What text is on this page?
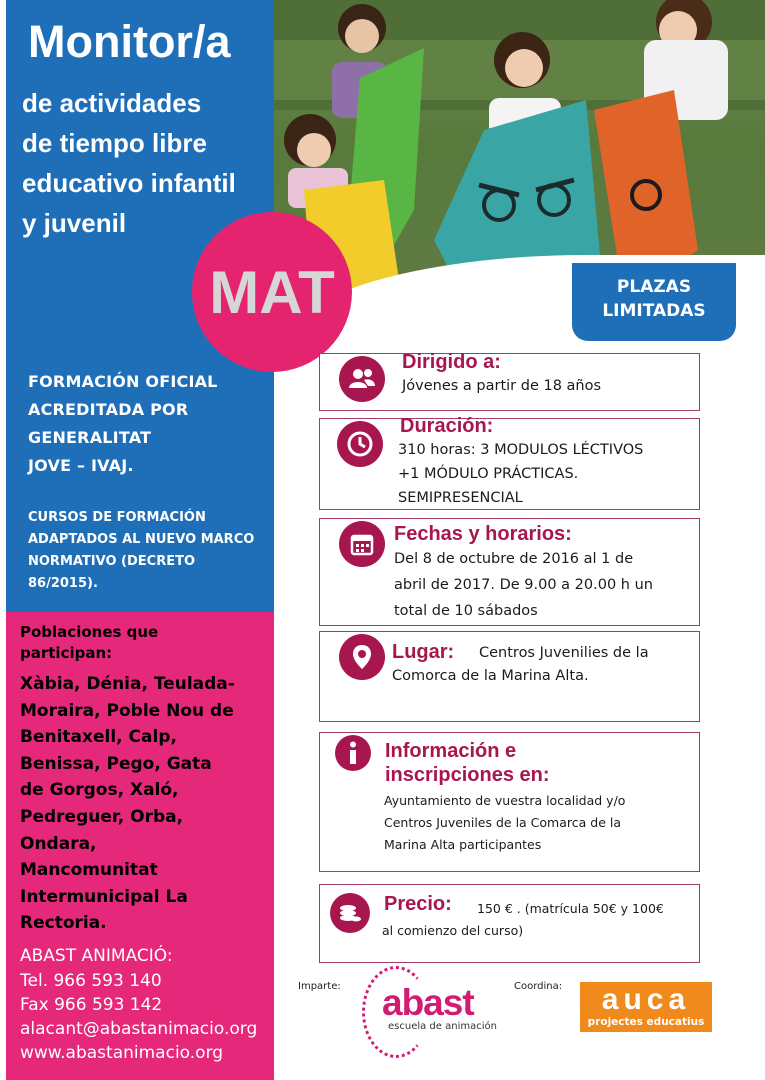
Monitor/a
de actividades
de tiempo libre
educativo infantil
y juvenil
FORMACIÓN OFICIAL
ACREDITADA POR
GENERALITAT
JOVE – IVAJ.
CURSOS DE FORMACIÓN
ADAPTADOS AL NUEVO MARCO
NORMATIVO (DECRETO
86/2015).
PLAZAS
LIMITADAS
MAT
Poblaciones que
participan:
Xàbia, Dénia, Teulada-
Moraira, Poble Nou de
Benitaxell, Calp,
Benissa, Pego, Gata
de Gorgos, Xaló,
Pedreguer, Orba,
Ondara,
Mancomunitat
Intermunicipal La
Rectoria.
ABAST ANIMACIÓ:
Tel. 966 593 140
Fax 966 593 142
alacant@abastanimacio.org
www.abastanimacio.org
Dirigido a:
Jóvenes a partir de 18 años
Duración:
310 horas: 3 MODULOS LÉCTIVOS
+1 MÓDULO PRÁCTICAS.
SEMIPRESENCIAL
Fechas y horarios:
Del 8 de octubre de 2016 al 1 de
abril de 2017. De 9.00 a 20.00 h un
total de 10 sábados
Lugar: Centros Juvenilies de la
Comorca de la Marina Alta.
Información e
inscripciones en:
Ayuntamiento de vuestra localidad y/o
Centros Juveniles de la Comarca de la
Marina Alta participantes
Precio: 150 € . (matrícula 50€ y 100€
al comienzo del curso)
Imparte: abast
escuela de animación
Coordina:	auca
projectes educatius
